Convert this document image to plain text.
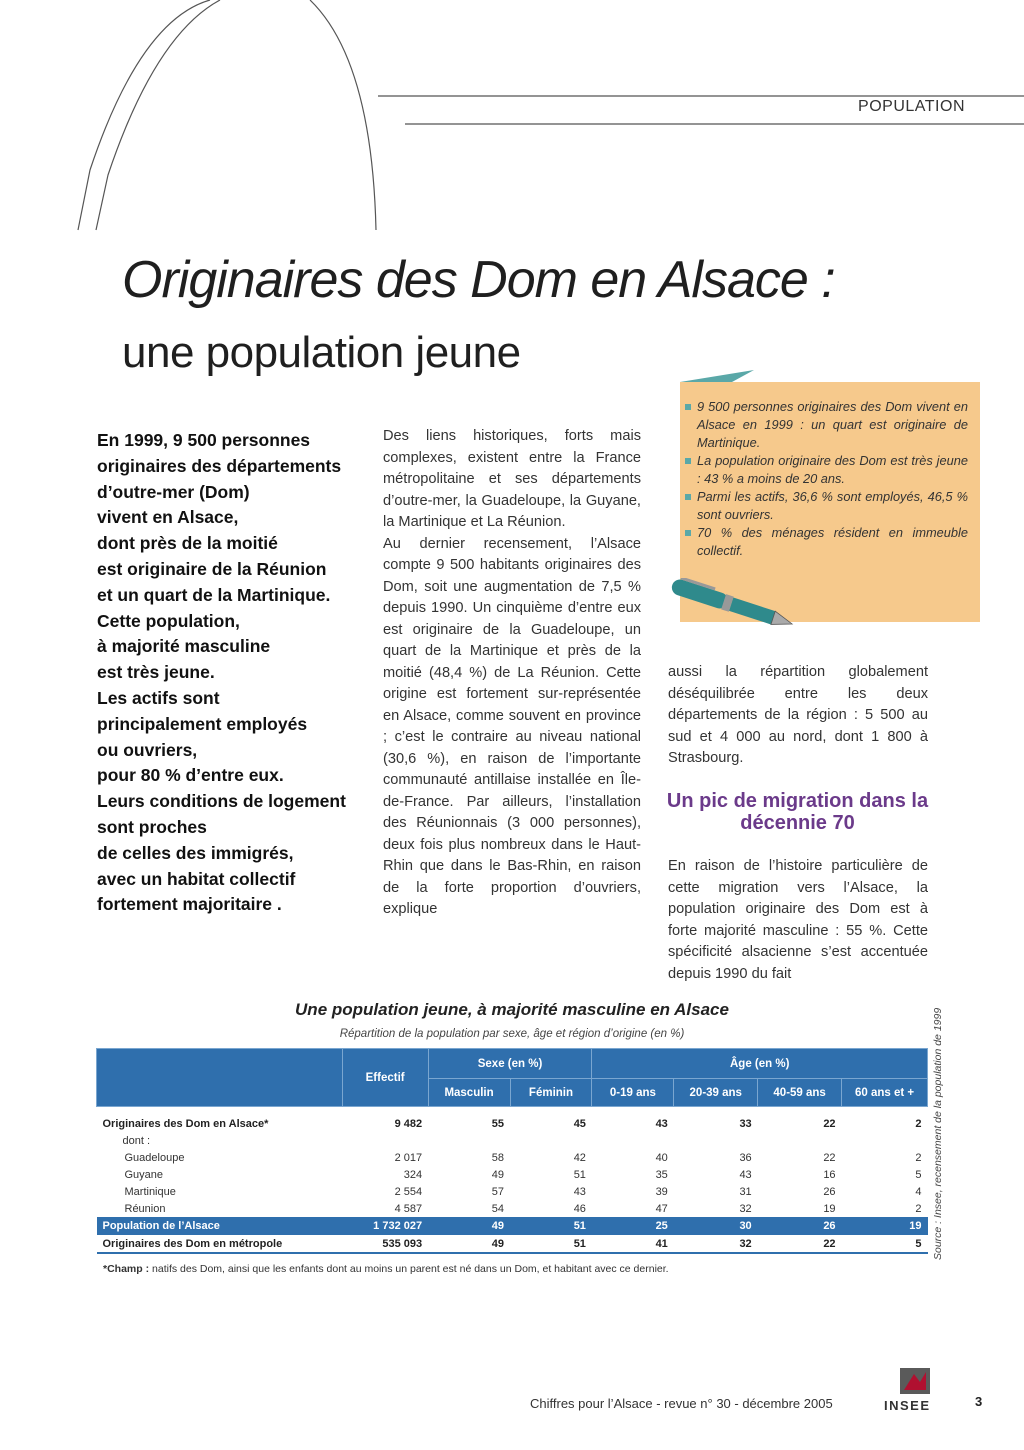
POPULATION
Originaires des Dom en Alsace :
une population jeune
En 1999, 9 500 personnes
originaires des départements
d’outre-mer (Dom)
vivent en Alsace,
dont près de la moitié
est originaire de la Réunion
et un quart de la Martinique.
Cette population,
à majorité masculine
est très jeune.
Les actifs sont
principalement employés
ou ouvriers,
pour 80 % d’entre eux.
Leurs conditions de logement
sont proches
de celles des immigrés,
avec un habitat collectif
fortement majoritaire .

Des liens historiques, forts mais complexes, existent entre la France métropolitaine et ses départements d’outre-mer, la Guadeloupe, la Guyane, la Martinique et La Réunion.

Au dernier recensement, l’Alsace compte 9 500 habitants originaires des Dom, soit une augmentation de 7,5 % depuis 1990. Un cinquième d’entre eux est originaire de la Guadeloupe, un quart de la Martinique et près de la moitié (48,4 %) de La Réunion. Cette origine est fortement sur-représentée en Alsace, comme souvent en province ; c’est le contraire au niveau national (30,6 %), en raison de l’importante communauté antillaise installée en Île-de-France. Par ailleurs, l’installation des Réunionnais (3 000 personnes), deux fois plus nombreux dans le Haut-Rhin que dans le Bas-Rhin, en raison de la forte proportion d’ouvriers, explique

9 500 personnes originaires des Dom vivent en Alsace en 1999 : un quart est originaire de Martinique.
La population originaire des Dom est très jeune : 43 % a moins de 20 ans.
Parmi les actifs, 36,6 % sont employés, 46,5 % sont ouvriers.
70 % des ménages résident en immeuble collectif.

aussi la répartition globalement déséquilibrée entre les deux départements de la région : 5 500 au sud et 4 000 au nord, dont 1 800 à Strasbourg.

Un pic de migration dans la décennie 70

En raison de l’histoire particulière de cette migration vers l’Alsace, la population originaire des Dom est à forte majorité masculine : 55 %. Cette spécificité alsacienne s’est accentuée depuis 1990 du fait

Une population jeune, à majorité masculine en Alsace
Répartition de la population par sexe, âge et région d’origine (en %)
	Effectif	Sexe (en %)		Âge (en %)			
		Masculin	Féminin	0-19 ans	20-39 ans	40-59 ans	60 ans et +
Originaires des Dom en Alsace*	9 482	55	45	43	33	22	2
dont :							
Guadeloupe	2 017	58	42	40	36	22	2
Guyane	324	49	51	35	43	16	5
Martinique	2 554	57	43	39	31	26	4
Réunion	4 587	54	46	47	32	19	2
Population de l’Alsace	1 732 027	49	51	25	30	26	19
Originaires des Dom en métropole	535 093	49	51	41	32	22	5
*Champ : natifs des Dom, ainsi que les enfants dont au moins un parent est né dans un Dom, et habitant avec ce dernier.
Source : Insee, recensement de la population de 1999
Chiffres pour l’Alsace - revue n° 30 - décembre 2005	INSEE	3
